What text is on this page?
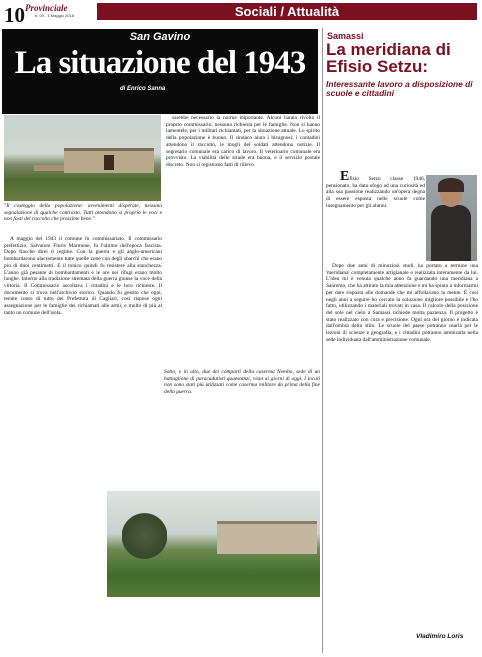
10 Provinciale
n. 09 - 1 Maggio 2018	Sociali / Attualità
San Gavino
La situazione del 1943
di Enrico Sanna
"Il costeggio della popolazione: avvenimenti disperate, nessuna segnalazione di qualche contrasto. Tutti attendono si proprio le voci e non fosti del raccolto che prossime bene."

A maggio del 1943 il comune fu commissariato. Il commissario prefettizio, Salvatore Floris Marmone, fu l'ultimo dell'epoca fascista. Dopo fiacche direi il regime. Con la guerra e gli anglo-americani bombardarono alacremente tutte quelle zone con degli sbarchi che erano piu di duoi centimetri. E il tonico quindi fu resistere alla stanchezza. L'anno già pesante di bombardamenti e le ore nei rifugi erano molto lunghe. Intorno alla tradizione stremata della guerra giunse la voce della vittoria. Il Commissario ascoltava i cittadini e le loro richieste. Il documento si trova nell'archivio storico. Quando fu gestito che ogni, tenute conto di tutto dei Prefettura di Cagliari, così rispose ogni assegnazione per le famiglie dei richiamati alle armi, e molto di più al tanto un comune dell'isola.

sarebbe necessario la norme importante. Alcuni hanno rivolto il proprio commissario, nessuno richiesta per le famiglie. Non si hanno lamentele, per i militari richiamati, per la situazione attuale. Lo spirito della popolazione è buono. Il sindaco aiuta i bisognosi: i contadini attendono il raccolto, le mogli dei soldati attendono notizie. Il segretario comunale era carico di lavoro. Il veterinario comunale era provvisto. La viabilità delle strade era buona, e il servizio postale discreto. Non si registrano fatti di rilievo.

Sotto, e in alto, due dei comparti della caserma Nembo, sede di un battaglione di paracadutisti quaestanzi, vista ai giorni di oggi. I locali non sono stati più utilizzati come caserma militare da prima della fine della guerra.
Samassi
La meridiana di Efisio Setzu:
Interessante lavoro a disposizione di scuole e cittadini

Efisio Setzu classe 1946, pensionato, ha dato sfogo ad una curiosità ed alla sua passione realizzando un'opera degna di essere esposta nelle scuole come insegnamento per gli alunni.

Dopo due anni di minuziosi studi, ha portato a termine una 'meridiana' completamente artigianale e realizzata interamente da lui. L'idea mi è venuta qualche anno fa guardando una meridiana a Sanremo, che ha attirato la mia attenzione e mi ha spinto a informarmi per dare risposta alle domande che mi affollavano la mente. È così negli anni a seguire ho cercato la soluzione migliore possibile e l'ho fatto, utilizzando i materiali trovati in casa. Il calcolo della posizione del sole nel cielo a Samassi richiede molta pazienza. Il progetto è stato realizzato con cura e precisione. Ogni ora del giorno è indicata dall'ombra dello stilo. Le scuole del paese potranno usarla per le lezioni di scienze e geografia, e i cittadini potranno ammirarla nella sede individuata dall'amministrazione comunale.

Vladimiro Loris
